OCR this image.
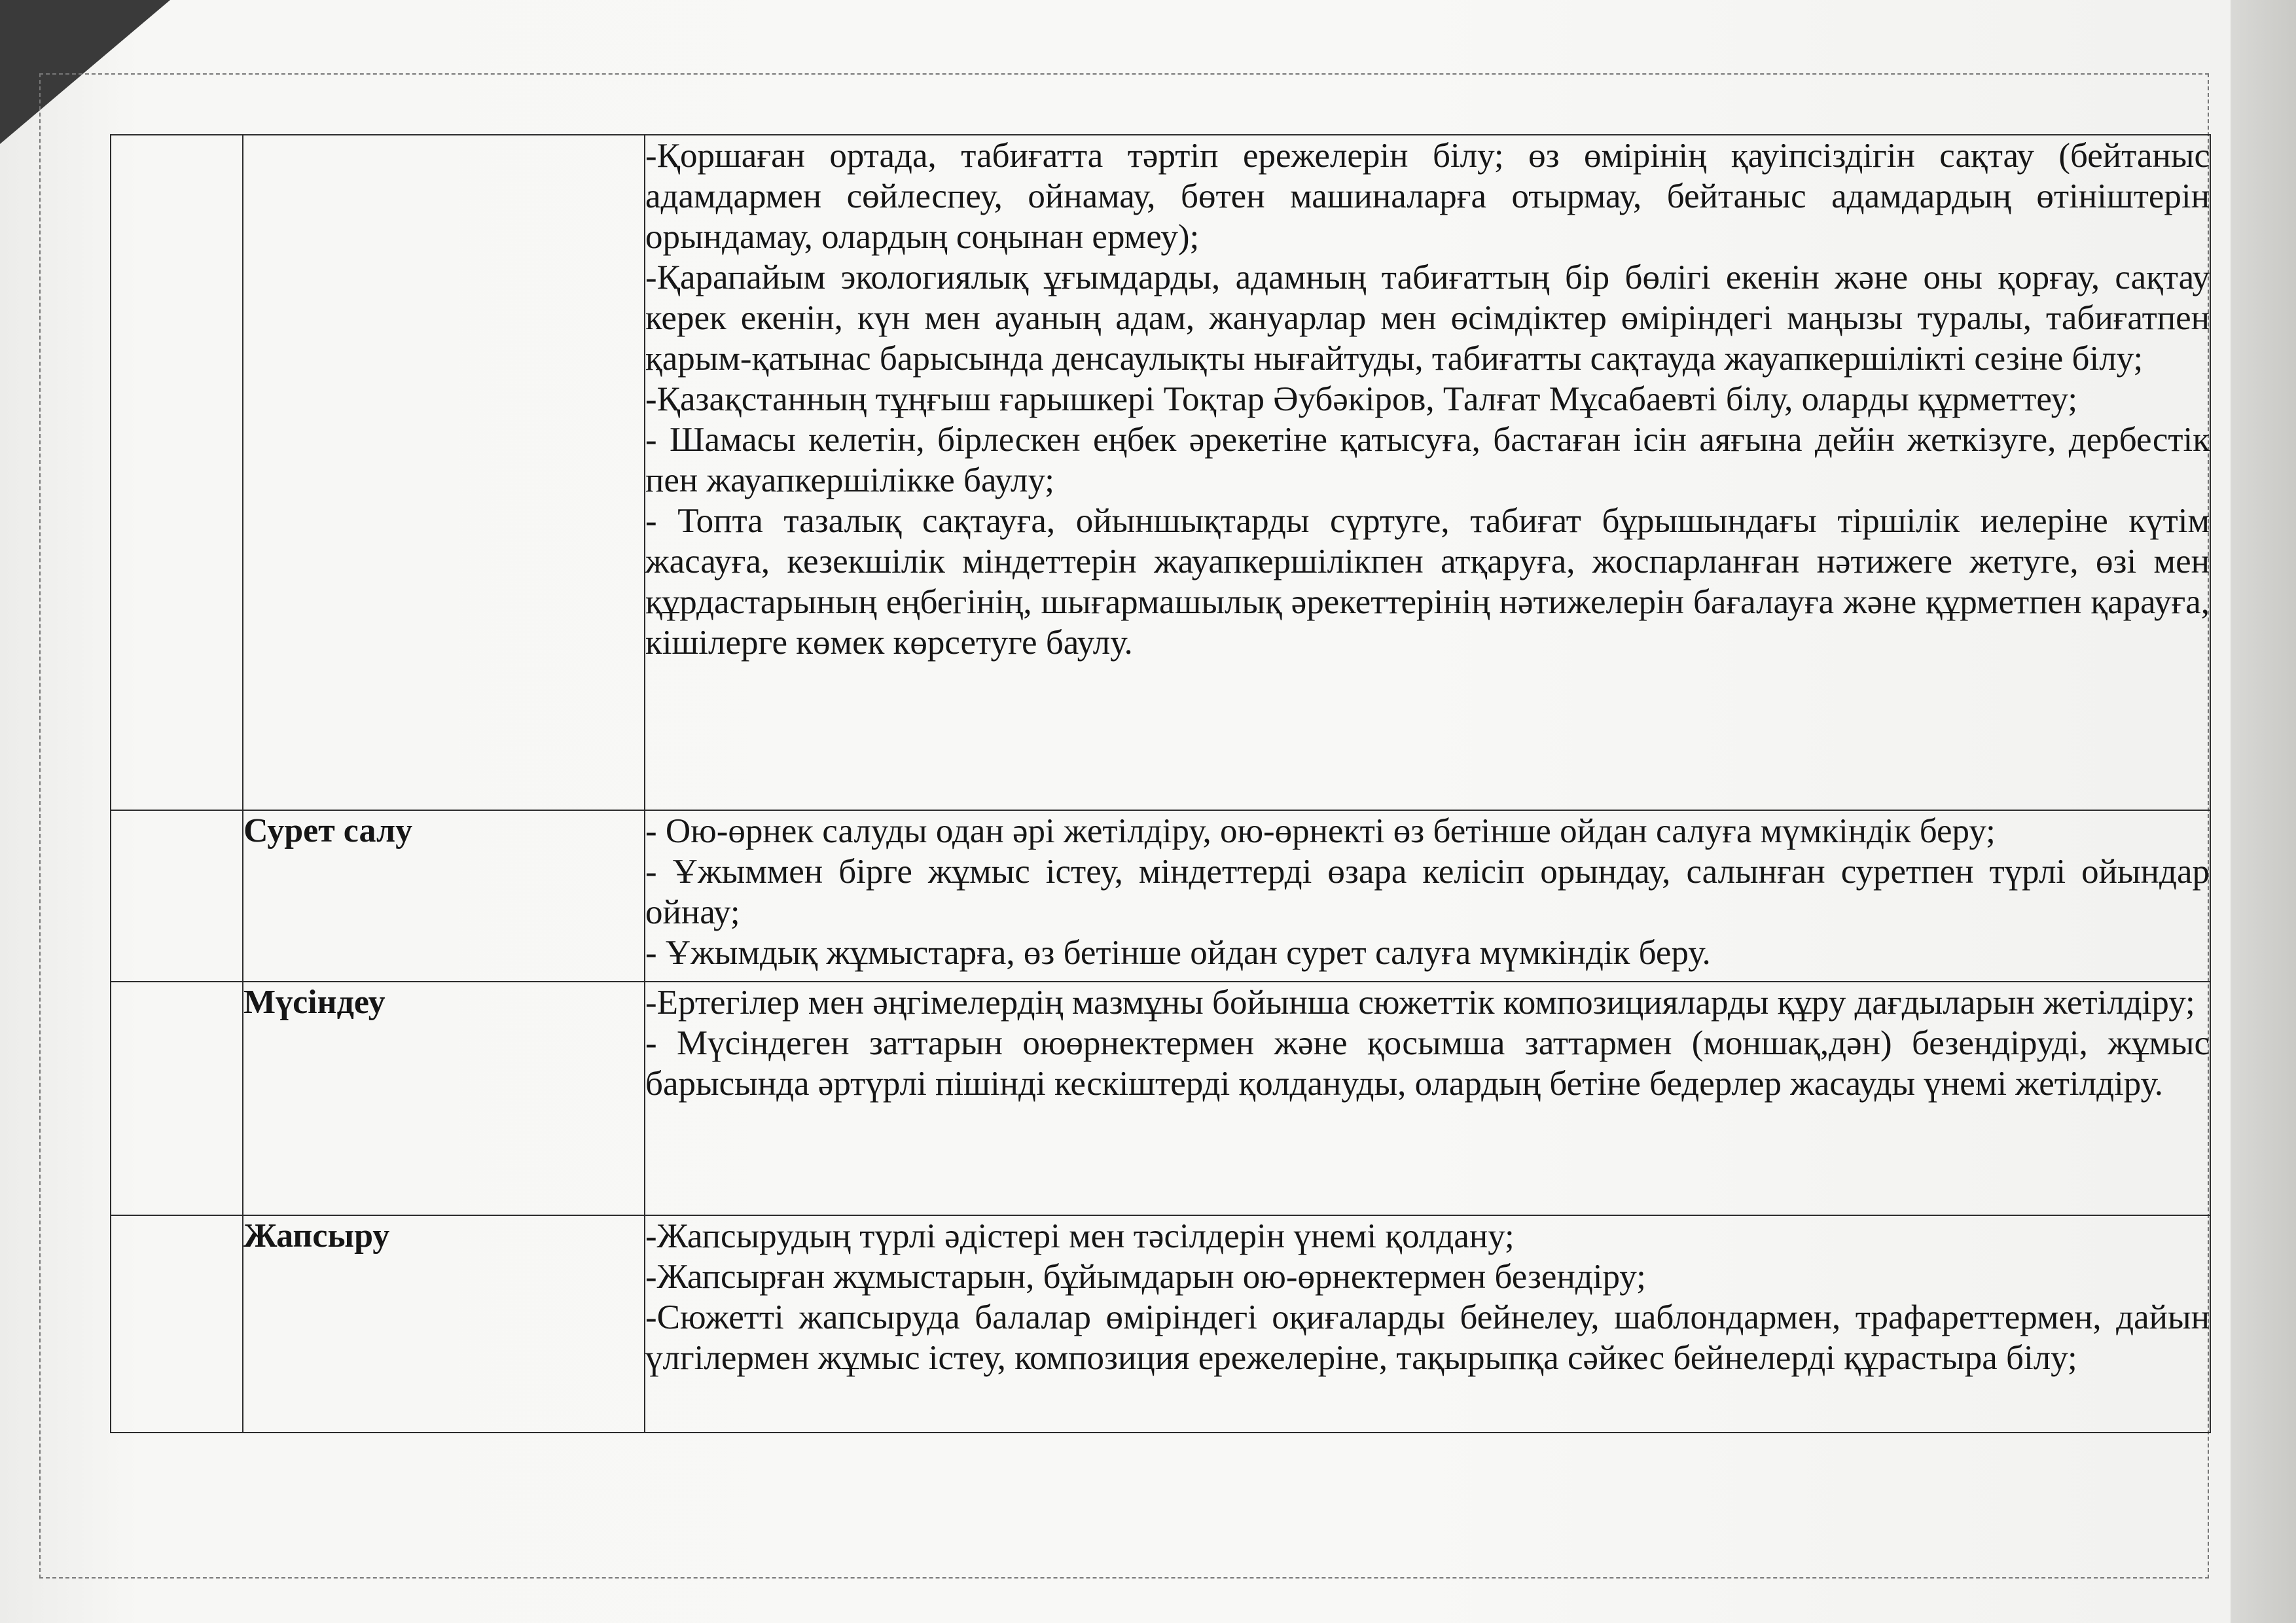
		-Қоршаған ортада, табиғатта тәртіп ережелерін білу; өз өмірінің қауіпсіздігін сақтау (бейтаныс адамдармен сөйлеспеу, ойнамау, бөтен машиналарға отырмау, бейтаныс адамдардың өтініштерін орындамау, олардың соңынан ермеу);

-Қарапайым экологиялық ұғымдарды, адамның табиғаттың бір бөлігі екенін және оны қорғау, сақтау керек екенін, күн мен ауаның адам, жануарлар мен өсімдіктер өміріндегі маңызы туралы, табиғатпен қарым-қатынас барысында денсаулықты нығайтуды, табиғатты сақтауда жауапкершілікті сезіне білу;

-Қазақстанның тұңғыш ғарышкері Тоқтар Әубәкіров, Талғат Мұсабаевті білу, оларды құрметтеу;

- Шамасы келетін, бірлескен еңбек әрекетіне қатысуға, бастаған ісін аяғына дейін жеткізуге, дербестік пен жауапкершілікке баулу;

- Топта тазалық сақтауға, ойыншықтарды сүртуге, табиғат бұрышындағы тіршілік иелеріне күтім жасауға, кезекшілік міндеттерін жауапкершілікпен атқаруға, жоспарланған нәтижеге жетуге, өзі мен құрдастарының еңбегінің, шығармашылық әрекеттерінің нәтижелерін бағалауға және құрметпен қарауға, кішілерге көмек көрсетуге баулу.

	Сурет салу	- Ою-өрнек салуды одан әрі жетілдіру, ою-өрнекті өз бетінше ойдан салуға мүмкіндік беру;

- Ұжыммен бірге жұмыс істеу, міндеттерді өзара келісіп орындау, салынған суретпен түрлі ойындар ойнау;

- Ұжымдық жұмыстарға, өз бетінше ойдан сурет салуға мүмкіндік беру.

	Мүсіндеу	-Ертегілер мен әңгімелердің мазмұны бойынша сюжеттік композицияларды құру дағдыларын жетілдіру;

- Мүсіндеген заттарын оюөрнектермен және қосымша заттармен (моншақ,дән) безендіруді, жұмыс барысында әртүрлі пішінді кескіштерді қолдануды, олардың бетіне бедерлер жасауды үнемі жетілдіру.

	Жапсыру	-Жапсырудың түрлі әдістері мен тәсілдерін үнемі қолдану;

-Жапсырған жұмыстарын, бұйымдарын ою-өрнектермен безендіру;

-Сюжетті жапсыруда балалар өміріндегі оқиғаларды бейнелеу, шаблондармен, трафареттермен, дайын үлгілермен жұмыс істеу, композиция ережелеріне, тақырыпқа сәйкес бейнелерді құрастыра білу;
